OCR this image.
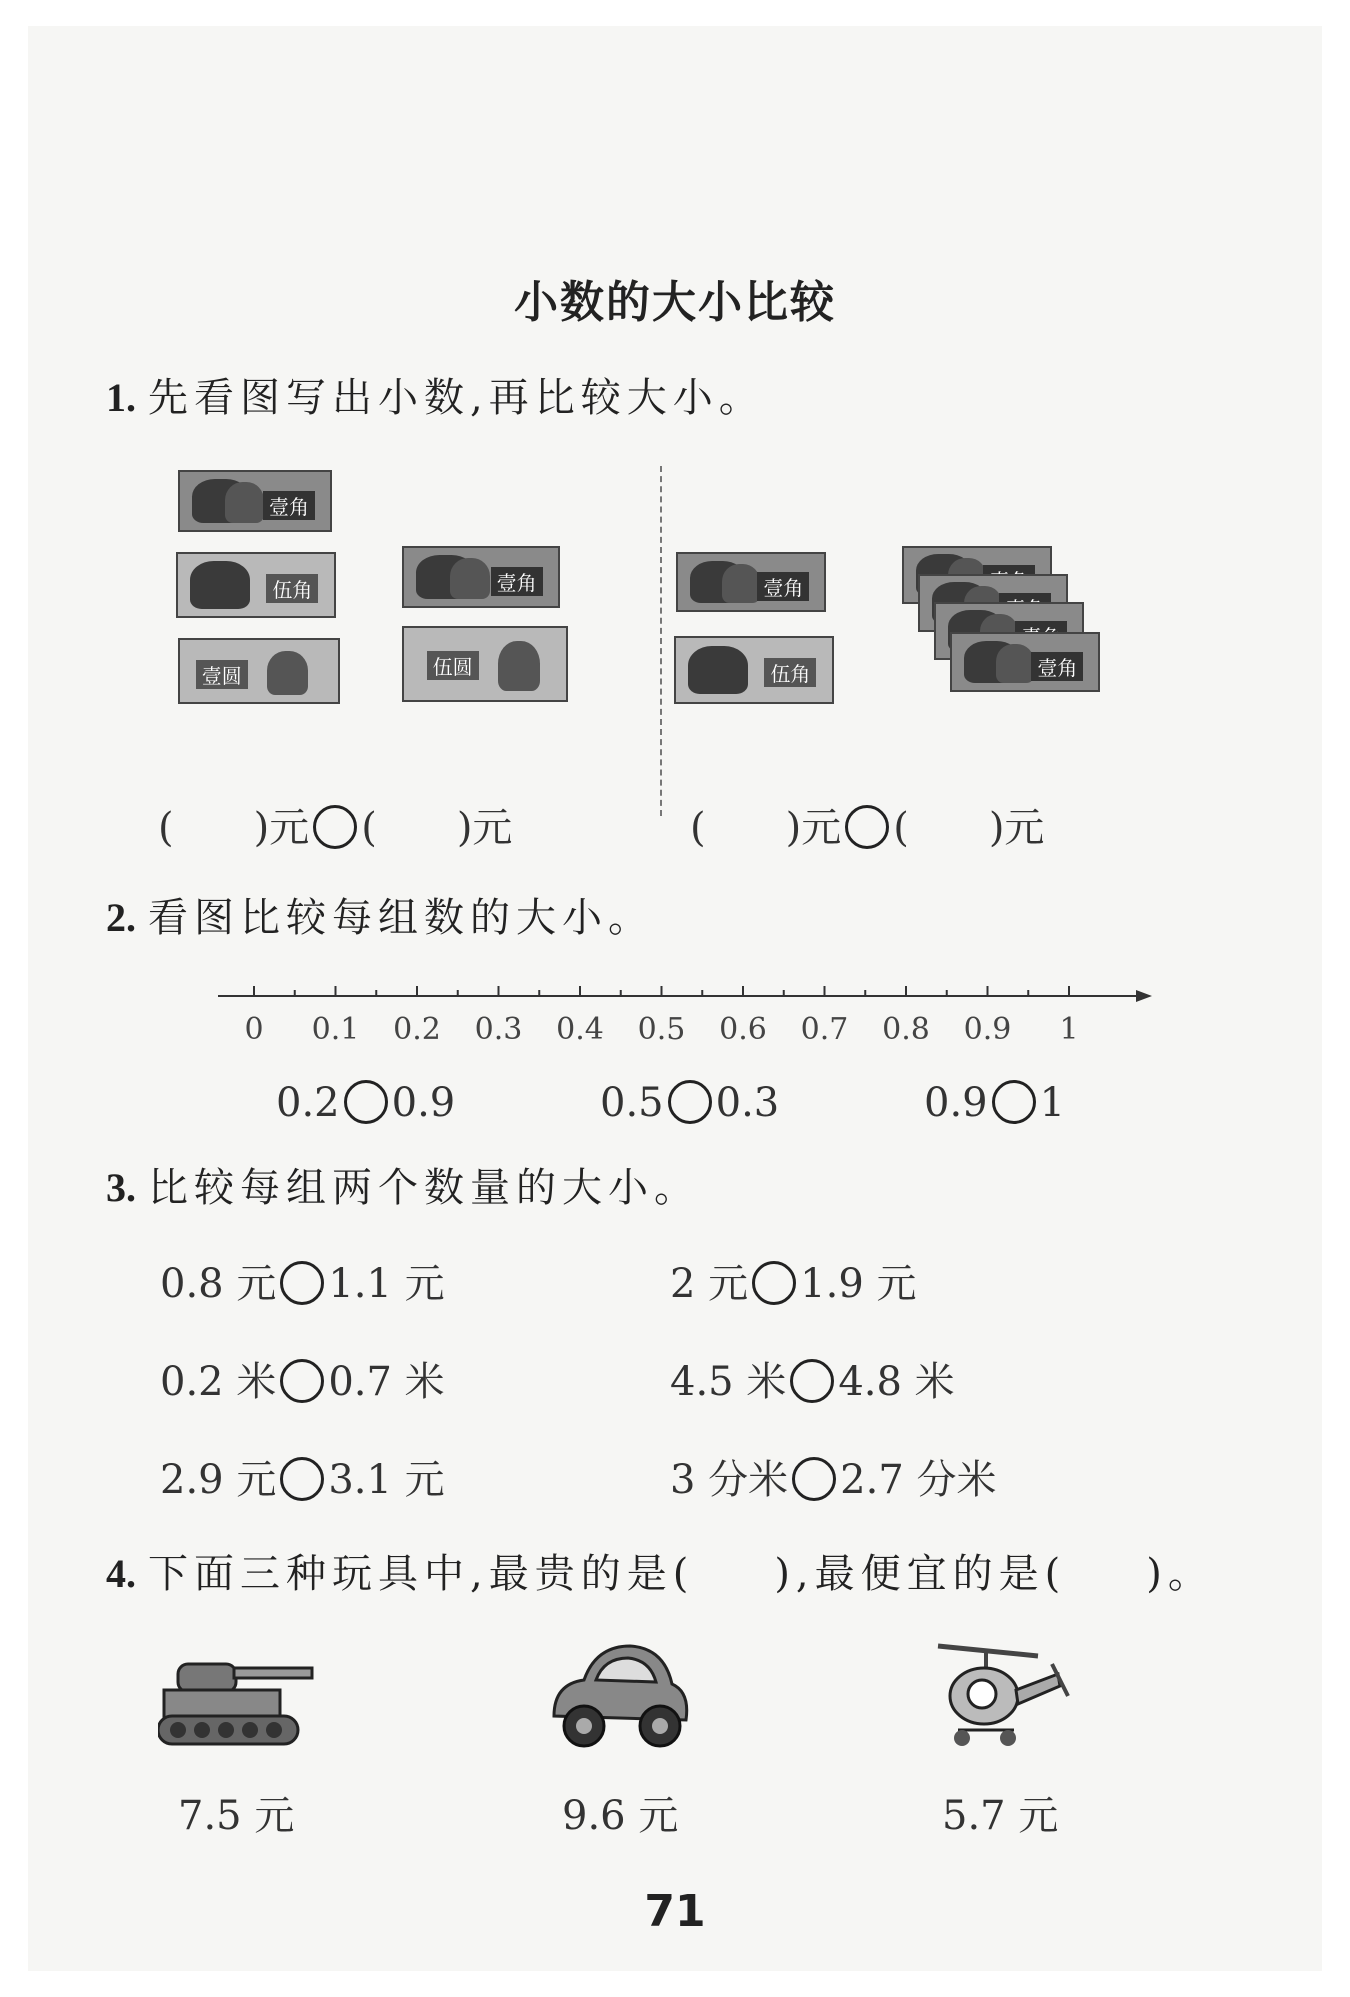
小数的大小比较
1. 先看图写出小数,再比较大小。
壹角
伍角
壹圆
壹角
伍圆
壹角
伍角	壹角
( )元 ( )元	( )元 ( )元
2. 看图比较每组数的大小。
0	0.1 0.2 0.3 0.4 0.5 0.6 0.7 0.8 0.9	1
0.2 0.9	0.5 0.3	0.9 1
3. 比较每组两个数量的大小。
0.8 元 1.1 元	2 元 1.9 元
0.2 米 0.7 米	4.5 米 4.8 米
2.9 元 3.1 元	3 分米 2.7 分米
4. 下面三种玩具中,最贵的是( ),最便宜的是( )。
7.5 元	9.6 元	5.7 元
71
